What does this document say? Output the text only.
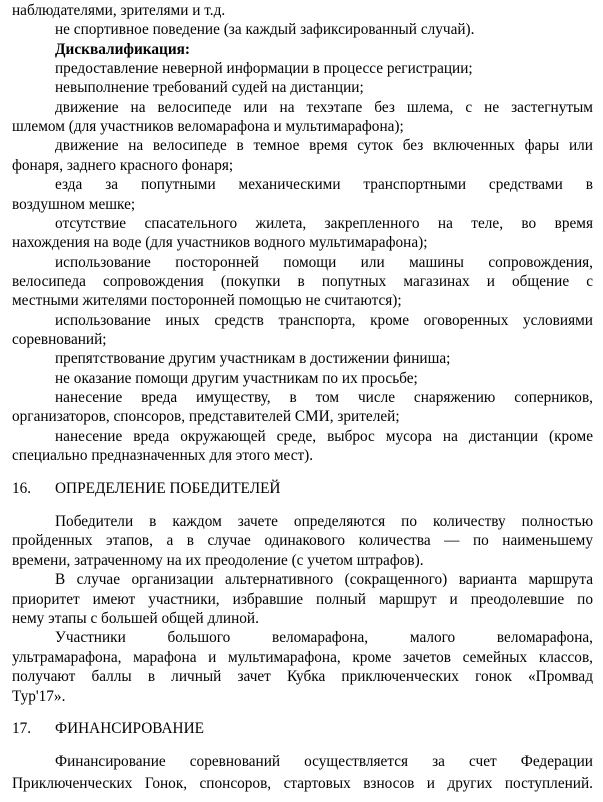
наблюдателями, зрителями и т.д.
не спортивное поведение (за каждый зафиксированный случай).
Дисквалификация:
предоставление неверной информации в процессе регистрации;
невыполнение требований судей на дистанции;
движение на велосипеде или на техэтапе без шлема, с не застегнутым
шлемом (для участников веломарафона и мультимарафона);
движение на велосипеде в темное время суток без включенных фары или
фонаря, заднего красного фонаря;
езда за попутными механическими транспортными средствами в
воздушном мешке;
отсутствие спасательного жилета, закрепленного на теле, во время
нахождения на воде (для участников водного мультимарафона);
использование посторонней помощи или машины сопровождения,
велосипеда сопровождения (покупки в попутных магазинах и общение с
местными жителями посторонней помощью не считаются);
использование иных средств транспорта, кроме оговоренных условиями
соревнований;
препятствование другим участникам в достижении финиша;
не оказание помощи другим участникам по их просьбе;
нанесение вреда имуществу, в том числе снаряжению соперников,
организаторов, спонсоров, представителей СМИ, зрителей;
нанесение вреда окружающей среде, выброс мусора на дистанции (кроме
специально предназначенных для этого мест).
16. ОПРЕДЕЛЕНИЕ ПОБЕДИТЕЛЕЙ
Победители в каждом зачете определяются по количеству полностью
пройденных этапов, а в случае одинакового количества — по наименьшему
времени, затраченному на их преодоление (с учетом штрафов).
В случае организации альтернативного (сокращенного) варианта маршрута
приоритет имеют участники, избравшие полный маршрут и преодолевшие по
нему этапы с большей общей длиной.
Участники большого веломарафона, малого веломарафона,
ультрамарафона, марафона и мультимарафона, кроме зачетов семейных классов,
получают баллы в личный зачет Кубка приключенческих гонок «Промвад
Тур'17».
17. ФИНАНСИРОВАНИЕ
Финансирование соревнований осуществляется за счет Федерации
Приключенческих Гонок, спонсоров, стартовых взносов и других поступлений.
